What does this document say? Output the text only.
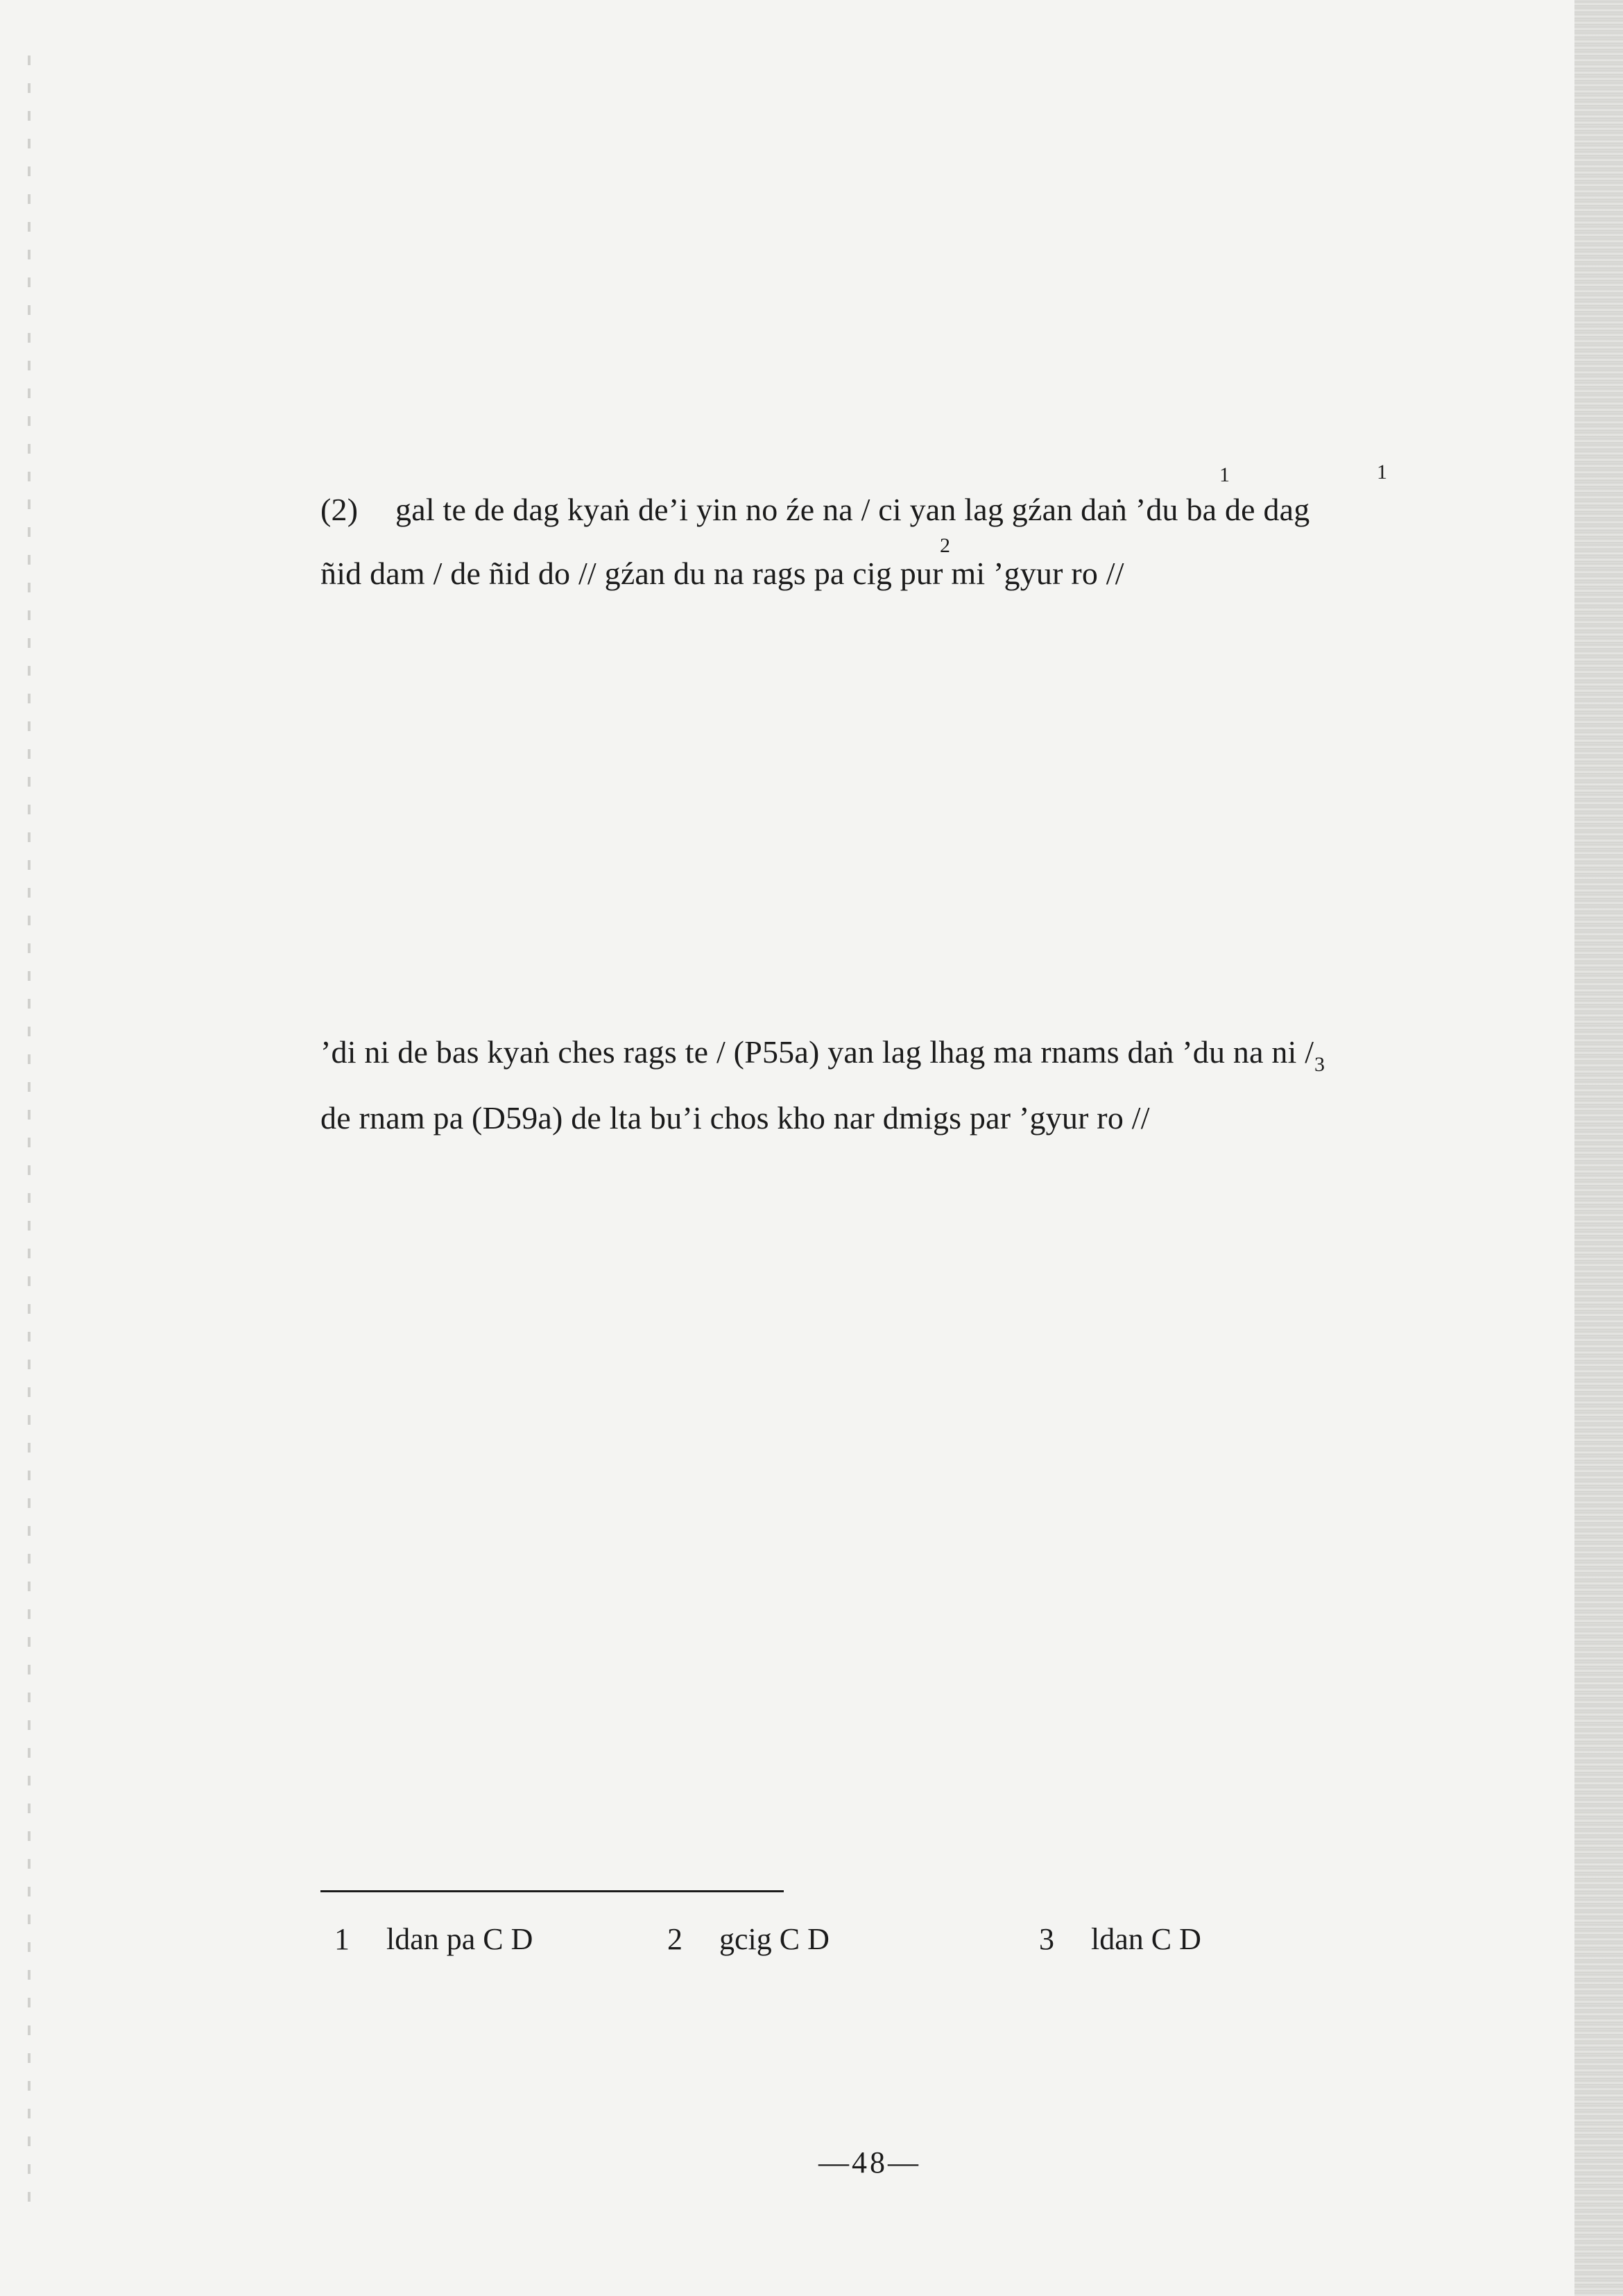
1	1
(2) gal te de dag kyaṅ de’i yin no źe na / ci yan lag gźan daṅ ’du ba de dag
2
ñid dam / de ñid do // gźan du na rags pa cig pur mi ’gyur ro //
3
’di ni de bas kyaṅ ches rags te / (P55a) yan lag lhag ma rnams daṅ ’du na ni /
de rnam pa (D59a) de lta bu’i chos kho nar dmigs par ’gyur ro //
1 ldan pa C D	2 gcig C D	3 ldan C D
—48—
